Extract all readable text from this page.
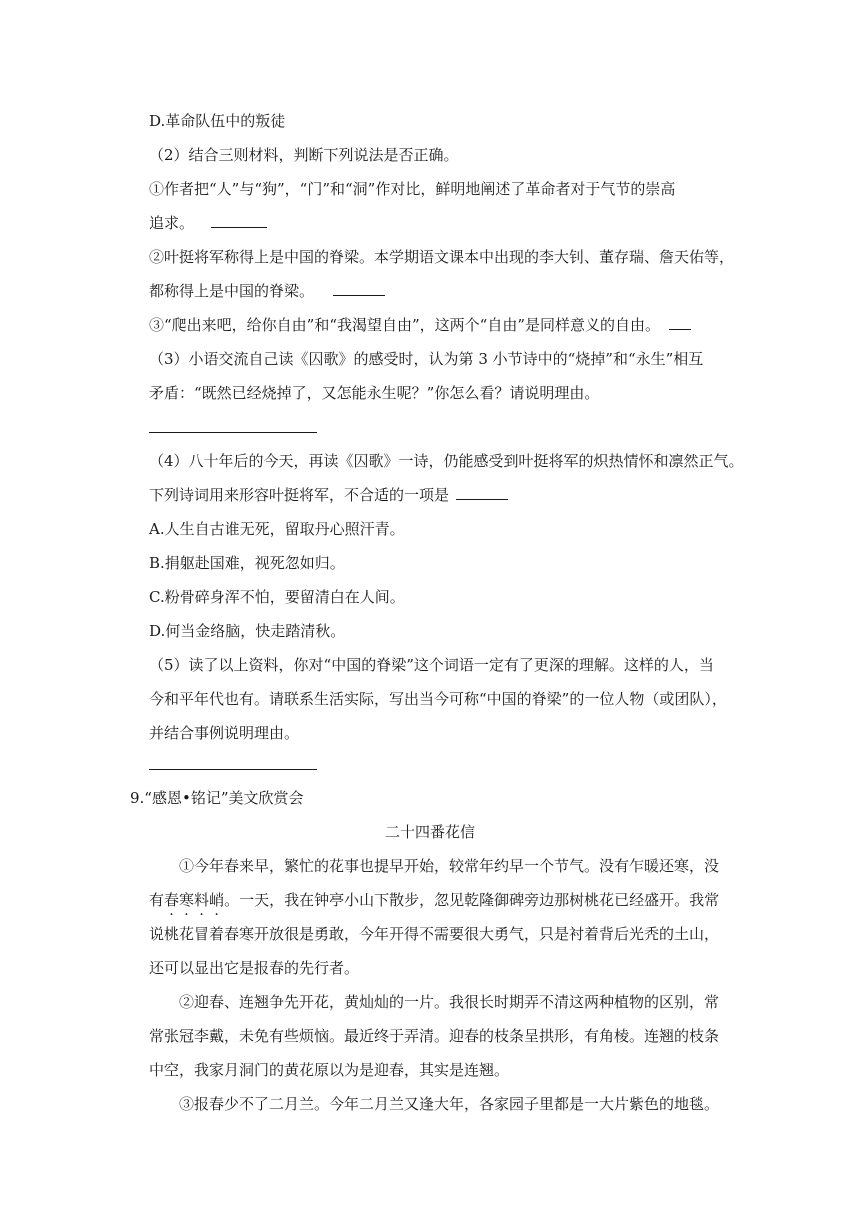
D.革命队伍中的叛徒
（2）结合三则材料，判断下列说法是否正确。
①作者把“人”与“狗”，“门”和“洞”作对比，鲜明地阐述了革命者对于气节的崇高
追求。
②叶挺将军称得上是中国的脊梁。本学期语文课本中出现的李大钊、董存瑞、詹天佑等，
都称得上是中国的脊梁。
③“爬出来吧，给你自由”和“我渴望自由”，这两个“自由”是同样意义的自由。
（3）小语交流自己读《囚歌》的感受时，认为第 3 小节诗中的“烧掉”和“永生”相互
矛盾：“既然已经烧掉了，又怎能永生呢？”你怎么看？请说明理由。
（4）八十年后的今天，再读《囚歌》一诗，仍能感受到叶挺将军的炽热情怀和凛然正气。
下列诗词用来形容叶挺将军，不合适的一项是
A.人生自古谁无死，留取丹心照汗青。
B.捐躯赴国难，视死忽如归。
C.粉骨碎身浑不怕，要留清白在人间。
D.何当金络脑，快走踏清秋。
（5）读了以上资料，你对“中国的脊梁”这个词语一定有了更深的理解。这样的人，当
今和平年代也有。请联系生活实际，写出当今可称“中国的脊梁”的一位人物（或团队），
并结合事例说明理由。
9.“感恩•铭记”美文欣赏会
二十四番花信
①今年春来早，繁忙的花事也提早开始，较常年约早一个节气。没有乍暖还寒，没
有春寒料峭。一天，我在钟亭小山下散步，忽见乾隆御碑旁边那树桃花已经盛开。我常
说桃花冒着春寒开放很是勇敢，今年开得不需要很大勇气，只是衬着背后光秃的土山，
还可以显出它是报春的先行者。
②迎春、连翘争先开花，黄灿灿的一片。我很长时期弄不清这两种植物的区别，常
常张冠李戴，未免有些烦恼。最近终于弄清。迎春的枝条呈拱形，有角棱。连翘的枝条
中空，我家月洞门的黄花原以为是迎春，其实是连翘。
③报春少不了二月兰。今年二月兰又逢大年，各家园子里都是一大片紫色的地毯。
